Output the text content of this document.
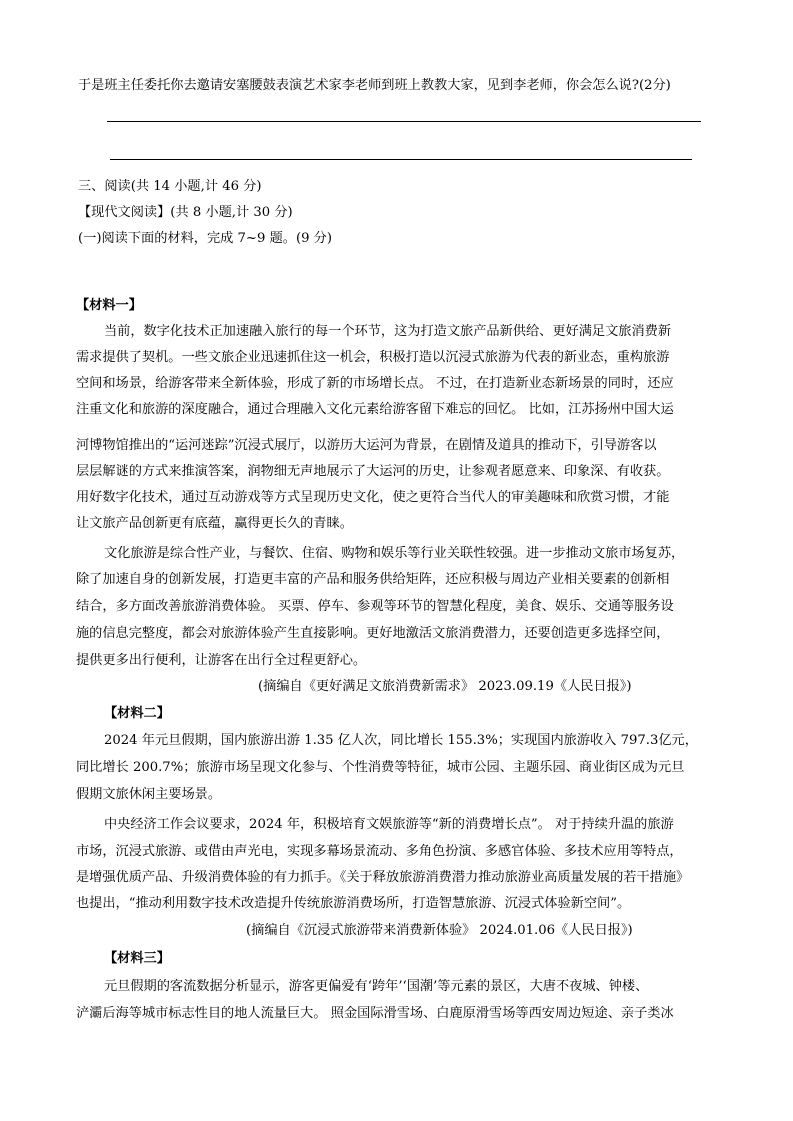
于是班主任委托你去邀请安塞腰鼓表演艺术家李老师到班上教教大家，见到李老师，你会怎么说?(2分)
三、阅读(共 14 小题,计 46 分)
【现代文阅读】(共 8 小题,计 30 分)
(一)阅读下面的材料，完成 7~9 题。(9 分)
【材料一】
当前，数字化技术正加速融入旅行的每一个环节，这为打造文旅产品新供给、更好满足文旅消费新
需求提供了契机。一些文旅企业迅速抓住这一机会，积极打造以沉浸式旅游为代表的新业态，重构旅游
空间和场景，给游客带来全新体验，形成了新的市场增长点。 不过，在打造新业态新场景的同时，还应
注重文化和旅游的深度融合，通过合理融入文化元素给游客留下难忘的回忆。 比如，江苏扬州中国大运
河博物馆推出的“运河迷踪”沉浸式展厅，以游历大运河为背景，在剧情及道具的推动下，引导游客以
层层解谜的方式来推演答案，润物细无声地展示了大运河的历史，让参观者愿意来、印象深、有收获。
用好数字化技术，通过互动游戏等方式呈现历史文化，使之更符合当代人的审美趣味和欣赏习惯，才能
让文旅产品创新更有底蕴，赢得更长久的青睐。
文化旅游是综合性产业，与餐饮、住宿、购物和娱乐等行业关联性较强。进一步推动文旅市场复苏，
除了加速自身的创新发展，打造更丰富的产品和服务供给矩阵，还应积极与周边产业相关要素的创新相
结合，多方面改善旅游消费体验。 买票、停车、参观等环节的智慧化程度，美食、娱乐、交通等服务设
施的信息完整度，都会对旅游体验产生直接影响。更好地激活文旅消费潜力，还要创造更多选择空间，
提供更多出行便利，让游客在出行全过程更舒心。
(摘编自《更好满足文旅消费新需求》 2023.09.19《人民日报》)
【材料二】
2024 年元旦假期，国内旅游出游 1.35 亿人次，同比增长 155.3%；实现国内旅游收入 797.3亿元，
同比增长 200.7%；旅游市场呈现文化参与、个性消费等特征，城市公园、主题乐园、商业街区成为元旦
假期文旅休闲主要场景。
中央经济工作会议要求，2024 年，积极培育文娱旅游等“新的消费增长点”。 对于持续升温的旅游
市场，沉浸式旅游、或借由声光电，实现多幕场景流动、多角色扮演、多感官体验、多技术应用等特点，
是增强优质产品、升级消费体验的有力抓手。《关于释放旅游消费潜力推动旅游业高质量发展的若干措施》
也提出，“推动利用数字技术改造提升传统旅游消费场所，打造智慧旅游、沉浸式体验新空间”。
(摘编自《沉浸式旅游带来消费新体验》 2024.01.06《人民日报》)
【材料三】
元旦假期的客流数据分析显示，游客更偏爱有‘跨年’‘国潮’等元素的景区，大唐不夜城、钟楼、
浐灞后海等城市标志性目的地人流量巨大。 照金国际滑雪场、白鹿原滑雪场等西安周边短途、亲子类冰
